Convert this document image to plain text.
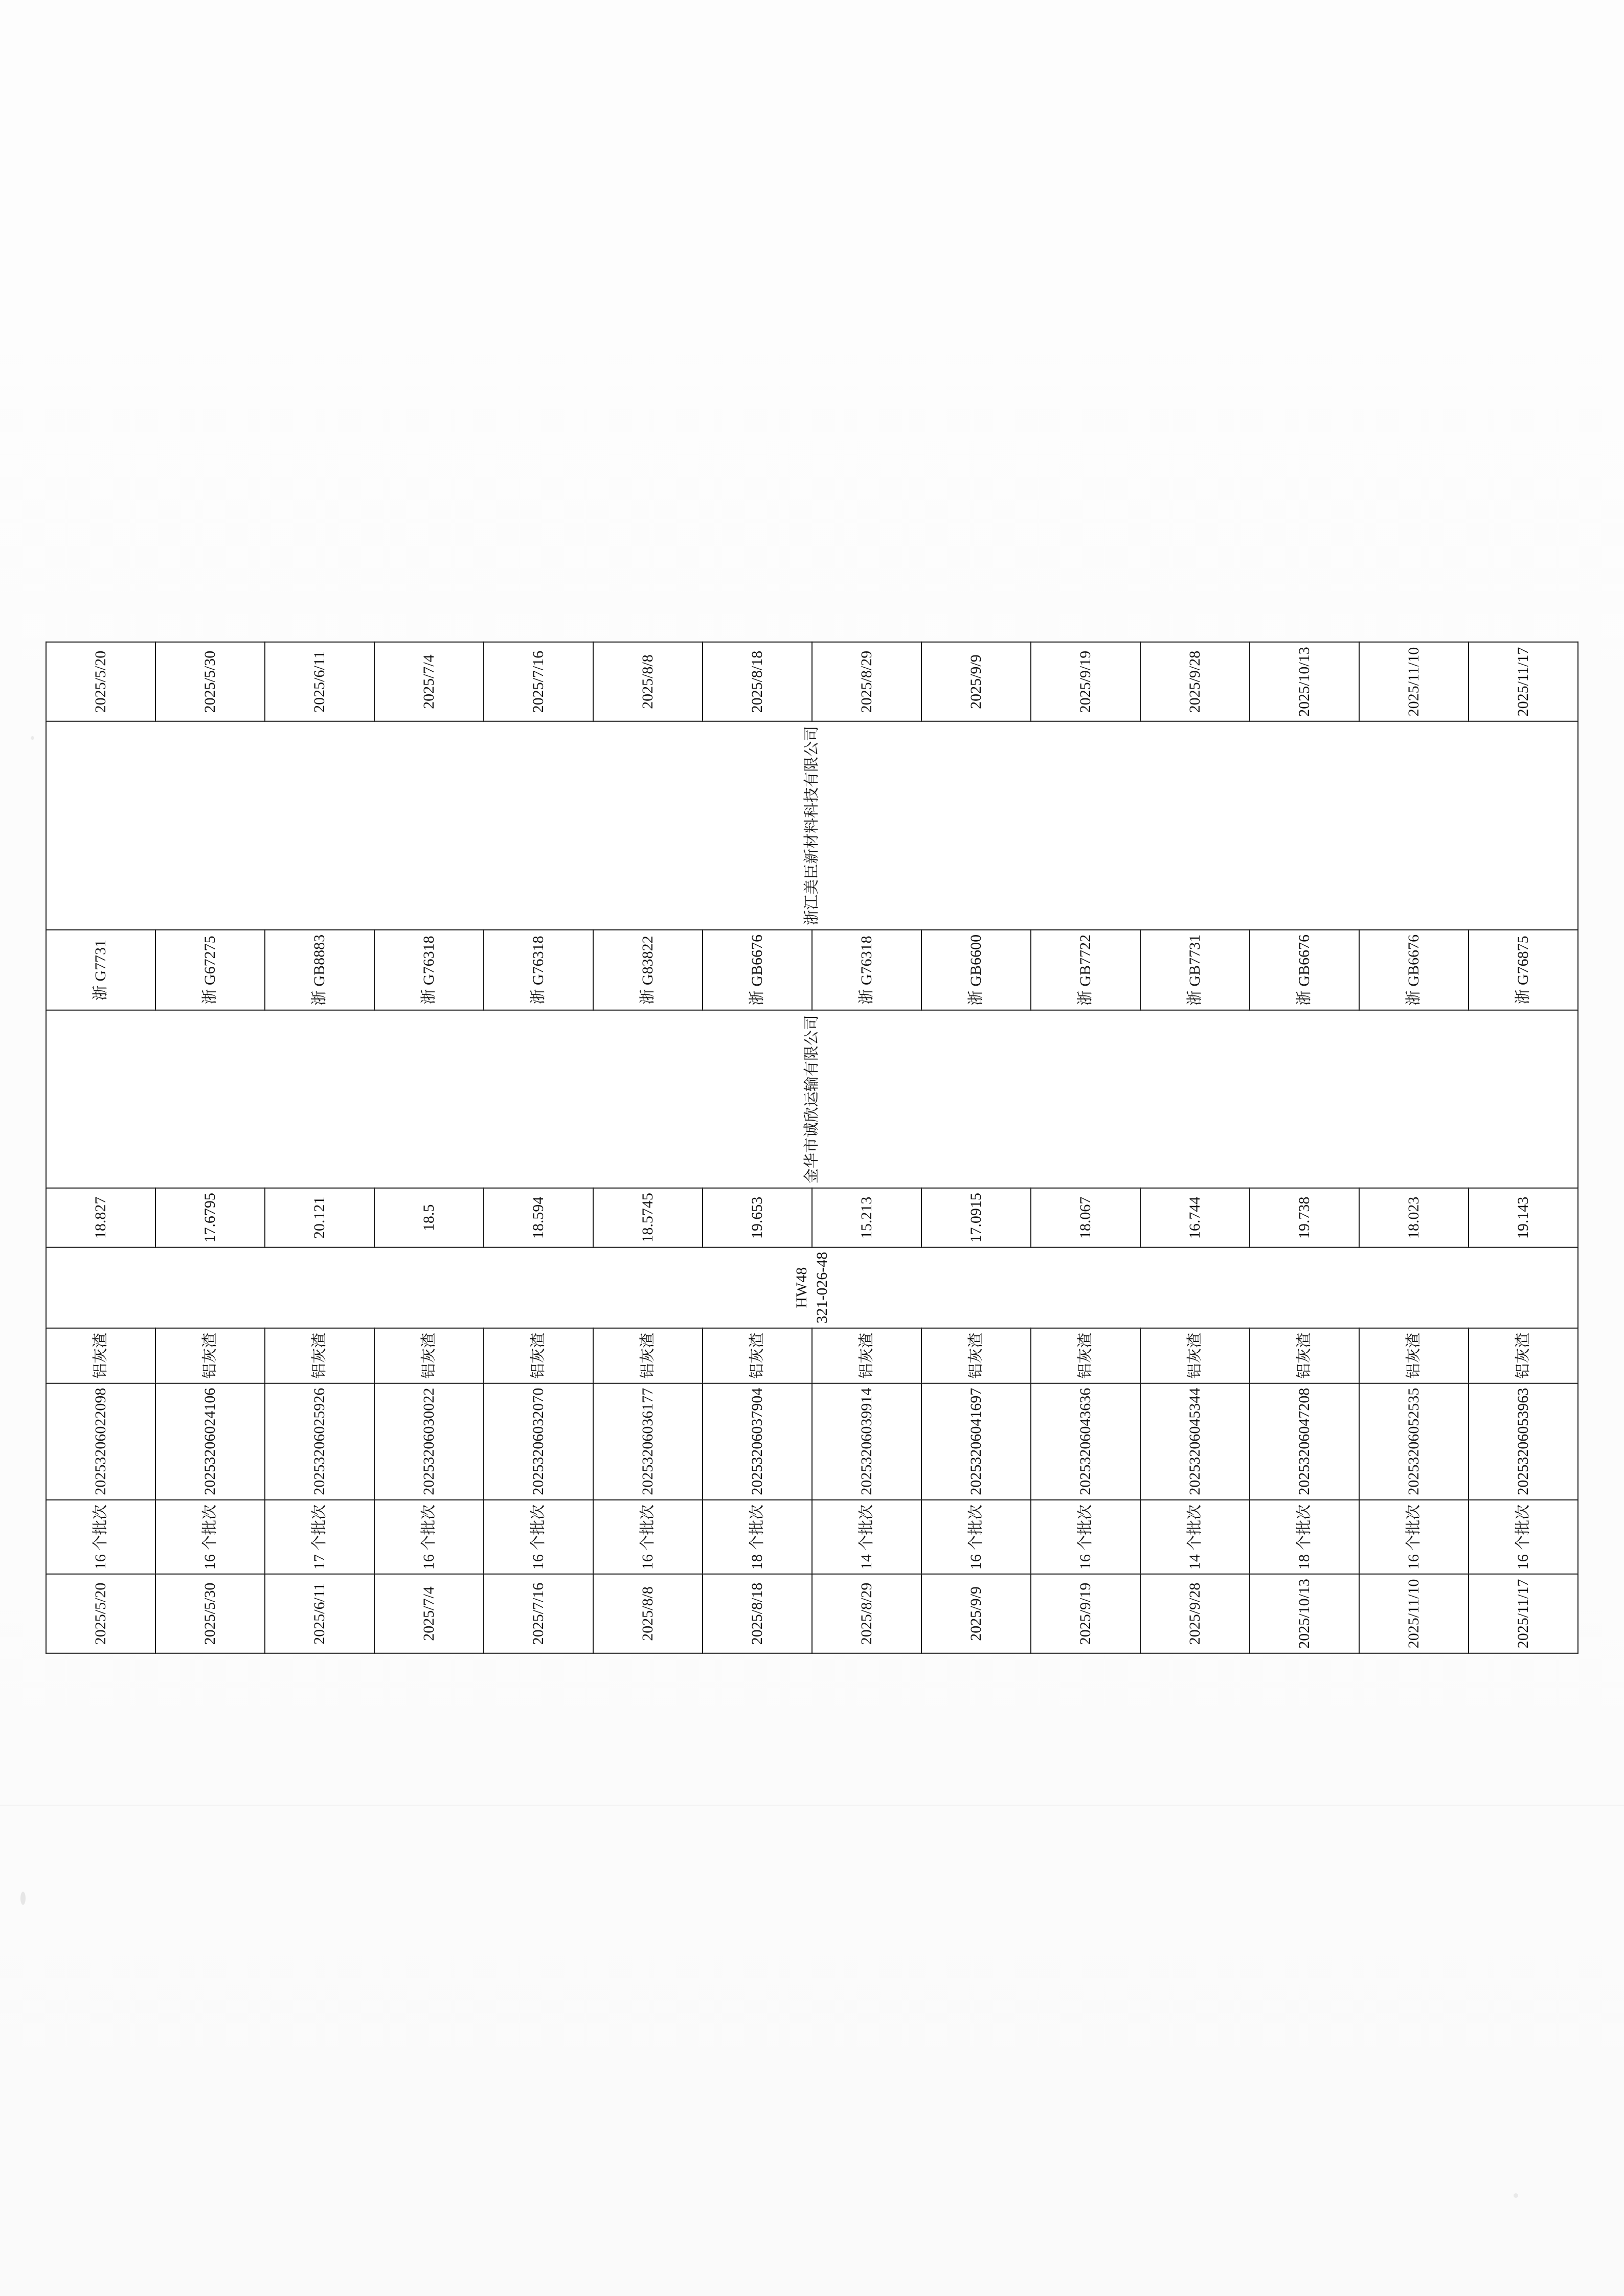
2025/5/20	16 个批次	20253206022098	铝灰渣	HW48 321-026-48	18.827	金华市诚欣运输有限公司	浙 G7731	浙江美臣新材料科技有限公司	2025/5/20
2025/5/30	16 个批次	20253206024106	铝灰渣		17.6795		浙 G67275		2025/5/30
2025/6/11	17 个批次	20253206025926	铝灰渣		20.121		浙 GB8883		2025/6/11
2025/7/4	16 个批次	20253206030022	铝灰渣		18.5		浙 G76318		2025/7/4
2025/7/16	16 个批次	20253206032070	铝灰渣		18.594		浙 G76318		2025/7/16
2025/8/8	16 个批次	20253206036177	铝灰渣		18.5745		浙 G83822		2025/8/8
2025/8/18	18 个批次	20253206037904	铝灰渣		19.653		浙 GB6676		2025/8/18
2025/8/29	14 个批次	20253206039914	铝灰渣		15.213		浙 G76318		2025/8/29
2025/9/9	16 个批次	20253206041697	铝灰渣		17.0915		浙 GB6600		2025/9/9
2025/9/19	16 个批次	20253206043636	铝灰渣		18.067		浙 GB7722		2025/9/19
2025/9/28	14 个批次	20253206045344	铝灰渣		16.744		浙 GB7731		2025/9/28
2025/10/13	18 个批次	20253206047208	铝灰渣		19.738		浙 GB6676		2025/10/13
2025/11/10	16 个批次	20253206052535	铝灰渣		18.023		浙 GB6676		2025/11/10
2025/11/17	16 个批次	20253206053963	铝灰渣		19.143		浙 G76875		2025/11/17
